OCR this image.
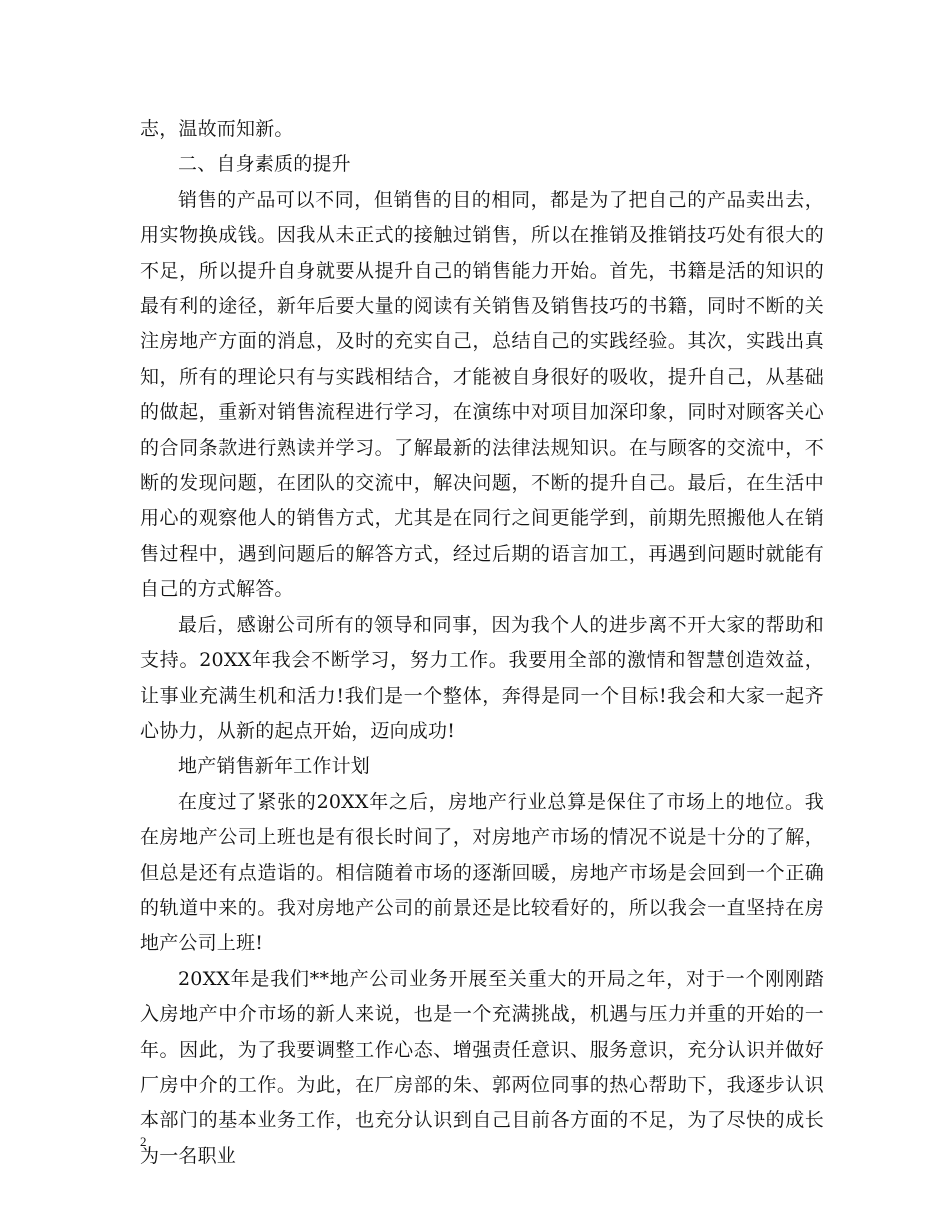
志，温故而知新。

二、自身素质的提升

销售的产品可以不同，但销售的目的相同，都是为了把自己的产品卖出去，用实物换成钱。因我从未正式的接触过销售，所以在推销及推销技巧处有很大的不足，所以提升自身就要从提升自己的销售能力开始。首先，书籍是活的知识的最有利的途径，新年后要大量的阅读有关销售及销售技巧的书籍，同时不断的关注房地产方面的消息，及时的充实自己，总结自己的实践经验。其次，实践出真知，所有的理论只有与实践相结合，才能被自身很好的吸收，提升自己，从基础的做起，重新对销售流程进行学习，在演练中对项目加深印象，同时对顾客关心的合同条款进行熟读并学习。了解最新的法律法规知识。在与顾客的交流中，不断的发现问题，在团队的交流中，解决问题，不断的提升自己。最后，在生活中用心的观察他人的销售方式，尤其是在同行之间更能学到，前期先照搬他人在销售过程中，遇到问题后的解答方式，经过后期的语言加工，再遇到问题时就能有自己的方式解答。

最后，感谢公司所有的领导和同事，因为我个人的进步离不开大家的帮助和支持。20XX年我会不断学习，努力工作。我要用全部的激情和智慧创造效益，让事业充满生机和活力!我们是一个整体，奔得是同一个目标!我会和大家一起齐心协力，从新的起点开始，迈向成功!

地产销售新年工作计划

在度过了紧张的20XX年之后，房地产行业总算是保住了市场上的地位。我在房地产公司上班也是有很长时间了，对房地产市场的情况不说是十分的了解，但总是还有点造诣的。相信随着市场的逐渐回暖，房地产市场是会回到一个正确的轨道中来的。我对房地产公司的前景还是比较看好的，所以我会一直坚持在房地产公司上班!

20XX年是我们**地产公司业务开展至关重大的开局之年，对于一个刚刚踏入房地产中介市场的新人来说，也是一个充满挑战，机遇与压力并重的开始的一年。因此，为了我要调整工作心态、增强责任意识、服务意识，充分认识并做好厂房中介的工作。为此，在厂房部的朱、郭两位同事的热心帮助下，我逐步认识本部门的基本业务工作，也充分认识到自己目前各方面的不足，为了尽快的成长为一名职业

2
